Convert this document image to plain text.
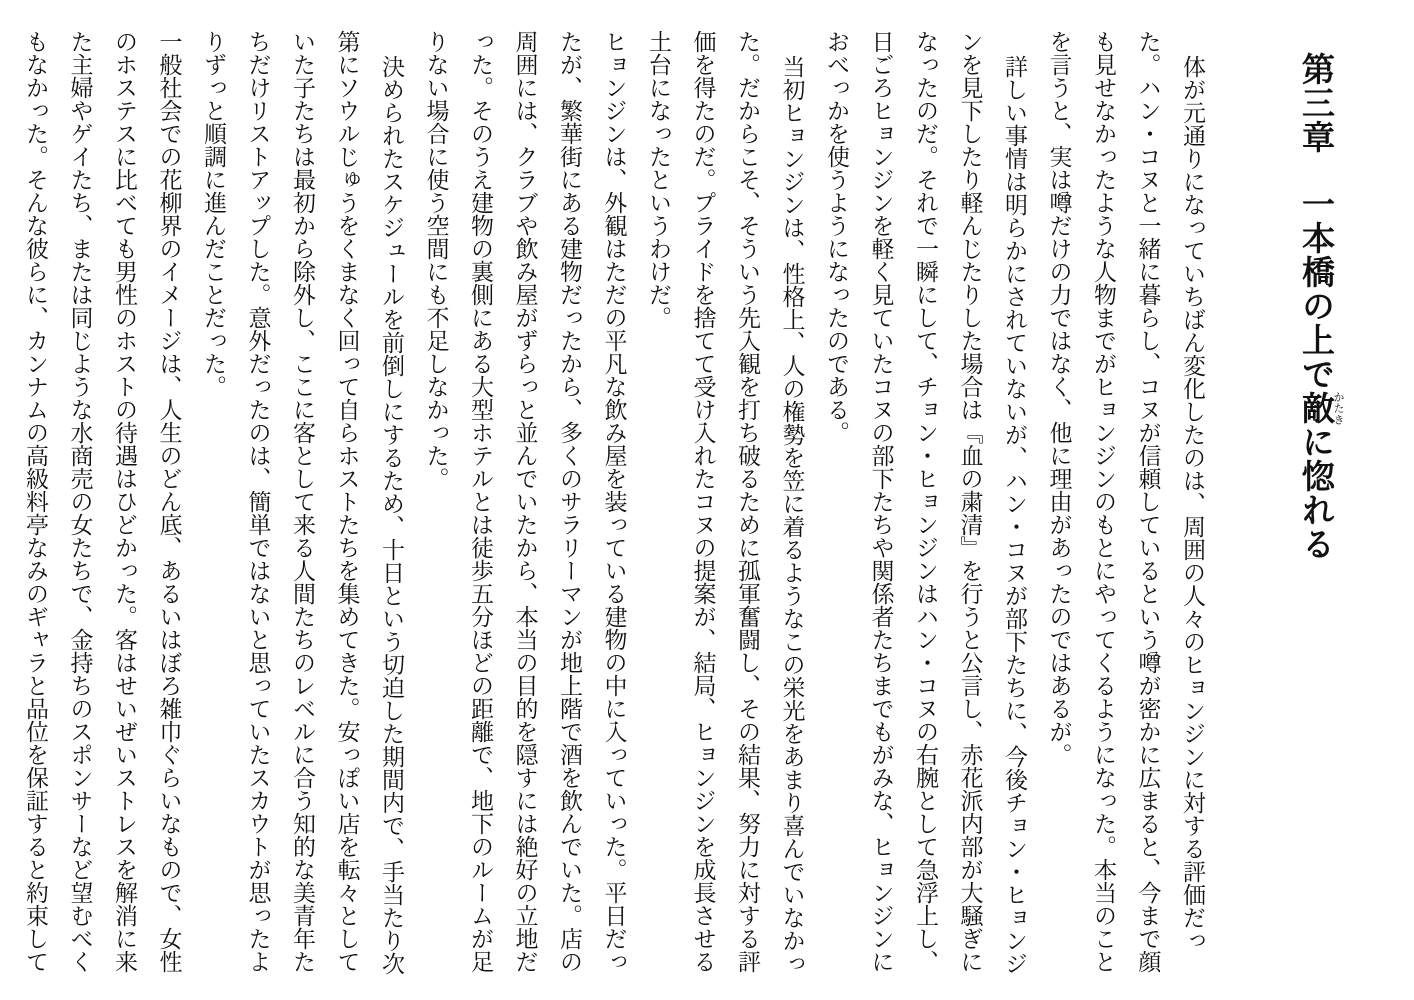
第三章一本橋の上で敵 かたきに惚れる

体が元通りになっていちばん変化したのは、周囲の人々のヒョンジンに対する評価だっ

た。ハン・コヌと一緒に暮らし、コヌが信頼しているという噂が密かに広まると、今まで顔

も見せなかったような人物までがヒョンジンのもとにやってくるようになった。本当のこと

を言うと、実は噂だけの力ではなく、他に理由があったのではあるが。

詳しい事情は明らかにされていないが、ハン・コヌが部下たちに、今後チョン・ヒョンジ

ンを見下したり軽んじたりした場合は『血の粛清』を行うと公言し、赤花派内部が大騒ぎに

なったのだ。それで一瞬にして、チョン・ヒョンジンはハン・コヌの右腕として急浮上し、

日ごろヒョンジンを軽く見ていたコヌの部下たちや関係者たちまでもがみな、ヒョンジンに

おべっかを使うようになったのである。

当初ヒョンジンは、性格上、人の権勢を笠に着るようなこの栄光をあまり喜んでいなかっ

た。だからこそ、そういう先入観を打ち破るために孤軍奮闘し、その結果、努力に対する評

価を得たのだ。プライドを捨てて受け入れたコヌの提案が、結局、ヒョンジンを成長させる

土台になったというわけだ。

ヒョンジンは、外観はただの平凡な飲み屋を装っている建物の中に入っていった。平日だっ

たが、繁華街にある建物だったから、多くのサラリーマンが地上階で酒を飲んでいた。店の

周囲には、クラブや飲み屋がずらっと並んでいたから、本当の目的を隠すには絶好の立地だ

った。そのうえ建物の裏側にある大型ホテルとは徒歩五分ほどの距離で、地下のルームが足

りない場合に使う空間にも不足しなかった。

決められたスケジュールを前倒しにするため、十日という切迫した期間内で、手当たり次

第にソウルじゅうをくまなく回って自らホストたちを集めてきた。安っぽい店を転々として

いた子たちは最初から除外し、ここに客として来る人間たちのレベルに合う知的な美青年た

ちだけリストアップした。意外だったのは、簡単ではないと思っていたスカウトが思ったよ

りずっと順調に進んだことだった。

一般社会での花柳界のイメージは、人生のどん底、あるいはぼろ雑巾ぐらいなもので、女性

のホステスに比べても男性のホストの待遇はひどかった。客はせいぜいストレスを解消に来

た主婦やゲイたち、または同じような水商売の女たちで、金持ちのスポンサーなど望むべく

もなかった。そんな彼らに、カンナムの高級料亭なみのギャラと品位を保証すると約束して
